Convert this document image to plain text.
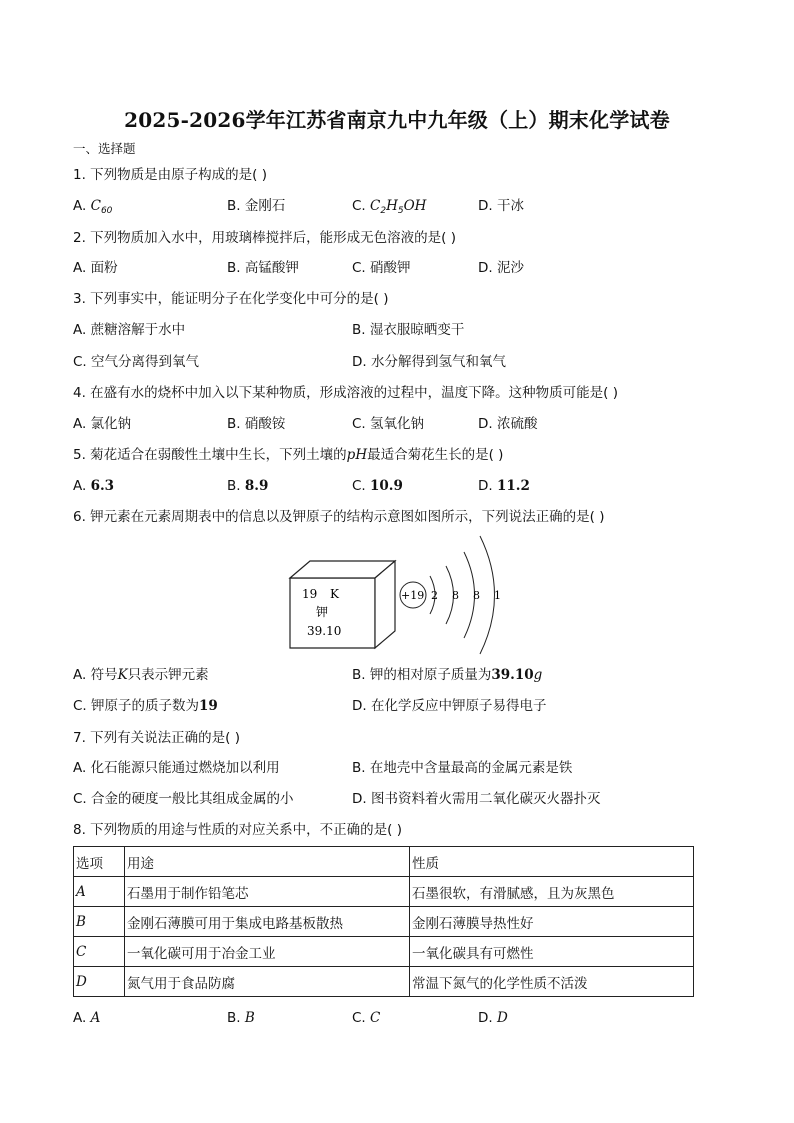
2025-2026学年江苏省南京九中九年级（上）期末化学试卷
一、选择题
1. 下列物质是由原子构成的是( )
A. $C_{60}$	B. 金刚石	C. $C_2H_5OH$	D. 干冰
2. 下列物质加入水中，用玻璃棒搅拌后，能形成无色溶液的是( )
A. 面粉	B. 高锰酸钾	C. 硝酸钾	D. 泥沙
3. 下列事实中，能证明分子在化学变化中可分的是( )
A. 蔗糖溶解于水中	B. 湿衣服晾晒变干
C. 空气分离得到氧气	D. 水分解得到氢气和氧气
4. 在盛有水的烧杯中加入以下某种物质，形成溶液的过程中，温度下降。这种物质可能是( )
A. 氯化钠	B. 硝酸铵	C. 氢氧化钠	D. 浓硫酸
5. 菊花适合在弱酸性土壤中生长，下列土壤的pH最适合菊花生长的是( )
A. 6.3	B. 8.9	C. 10.9	D. 11.2
6. 钾元素在元素周期表中的信息以及钾原子的结构示意图如图所示，下列说法正确的是( )
19 K
钾
39.10
+19 2 8 8 1
A. 符号K只表示钾元素	B. 钾的相对原子质量为39.10g
C. 钾原子的质子数为19	D. 在化学反应中钾原子易得电子
7. 下列有关说法正确的是( )
A. 化石能源只能通过燃烧加以利用	B. 在地壳中含量最高的金属元素是铁
C. 合金的硬度一般比其组成金属的小	D. 图书资料着火需用二氧化碳灭火器扑灭
8. 下列物质的用途与性质的对应关系中，不正确的是( )
选项	用途	性质
A	石墨用于制作铅笔芯	石墨很软，有滑腻感，且为灰黑色
B	金刚石薄膜可用于集成电路基板散热	金刚石薄膜导热性好
C	一氧化碳可用于冶金工业	一氧化碳具有可燃性
D	氮气用于食品防腐	常温下氮气的化学性质不活泼
A. A	B. B	C. C	D. D
